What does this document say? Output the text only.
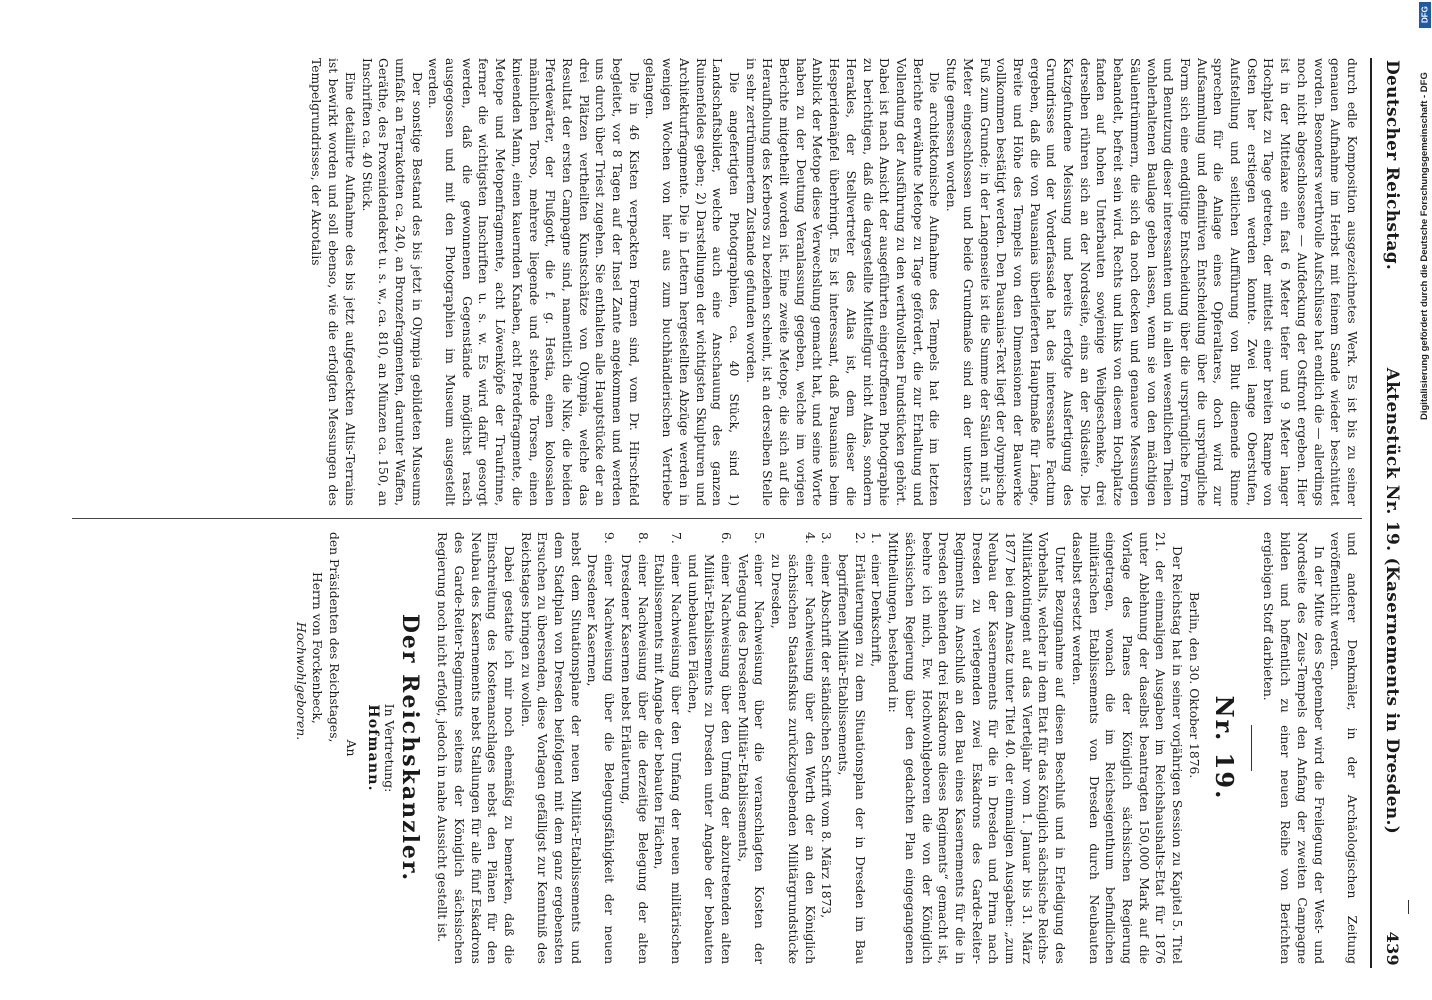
Deutscher Reichstag.
Aktenstück Nr. 19. (Kasernements in Dresden.)
439

durch edle Komposition ausgezeichnetes Werk. Es ist bis zu seiner genauen Aufnahme im Herbst mit feinem Sande wieder beschüttet worden. Besonders werthvolle Aufschlüsse hat endlich die — allerdings noch nicht abgeschlossene — Aufdeckung der Ostfront ergeben. Hier ist in der Mittelaxe ein fast 6 Meter tiefer und 9 Meter langer Hochplatz zu Tage getreten, der mittelst einer breiten Rampe von Osten her erstiegen werden konnte. Zwei lange Oberstufen, Aufstellung und seitlichen Aufführung von Blut dienende Rinne sprechen für die Anlage eines Opferaltares, doch wird zur Aufsammlung und definitiven Entscheidung über die ursprüngliche Form sich eine endgültige Entscheidung über die ursprüngliche Form und Benutzung dieser interessanten und in allen wesentlichen Theilen wohlerhaltenen Baulage geben lassen, wenn sie von den mächtigen Säulentrümmern, die sich da noch decken und genauere Messungen behandelt, befreit sein wird. Rechts und links von diesem Hochplatze fanden auf hohen Unterbauten sowjenige Weihgeschenke, drei derselben rühren sich an der Nordseite, eins an der Südseite. Die Katzgefundene Meissung und bereits erfolgte Ausfertigung des Grundrisses und der Vorderfassade hat des interessante Factum ergeben, daß die von Pausanias überlieferten Hauptmaße für Länge, Breite und Höhe des Tempels von den Dimensionen der Bauwerke vollkommen bestätigt werden. Den Pausanias-Text liegt der olympische Fuß zum Grunde; in der Langenseite ist die Summe der Säulen mit 5,3 Meter eingeschlossen und beide Grundmaße sind an der untersten Stufe gemessen worden.

Die architektonische Aufnahme des Tempels hat die im letzten Berichte erwähnte Metope zu Tage gefördert, die zur Erhaltung und Vollendung der Ausführung zu den werthvollsten Fundstücken gehört. Dabei ist nach Ansicht der ausgeführten eingetroffenen Photographie zu berichtigen, daß die dargestellte Mittelfigur nicht Atlas, sondern Herakles, der Stellvertreter des Atlas ist, dem dieser die Hesperidenäpfel überbringt. Es ist interessant, daß Pausanias beim Anblick der Metope diese Verwechslung gemacht hat, und seine Worte haben zu der Deutung Veranlassung gegeben, welche im vorigen Berichte mitgetheilt worden ist. Eine zweite Metope, die sich auf die Heraufholung des Kerberos zu beziehen scheint, ist an derselben Stelle in sehr zertrümmertem Zustande gefunden worden.

Die angefertigten Photographien, ca. 40 Stück, sind 1) Landschaftsbilder, welche auch eine Anschauung des ganzen Ruinenfeldes geben; 2) Darstellungen der wichtigsten Skulpturen und Architekturfragmente. Die in Lettern hergestellten Abzüge werden in wenigen Wochen von hier aus zum buchhändlerischen Vertriebe gelangen.

Die in 46 Kisten verpackten Formen sind, vom Dr. Hirschfeld begleitet, vor 8 Tagen auf der Insel Zante angekommen und werden uns durch über Triest zugehen. Sie enthalten alle Hauptstücke der an drei Plätzen vertheilten Kunstschätze von Olympia, welche das Resultat der ersten Campagne sind, namentlich die Nike, die beiden Pferdewärter, der Flußgott, die f. g. Hestia, einen kolossalen männlichen Torso, mehrere liegende und stehende Torsen, einen knieenden Mann, einen kauernden Knaben, acht Pferdefragmente, die Metope und Metopenfragmente, acht Löwenköpfe der Traufrinne, ferner die wichtigsten Inschriften u. s. w. Es wird dafür gesorgt werden, daß die gewonnenen Gegenstände möglichst rasch ausgegossen und mit den Photographien im Museum ausgestellt werden.

Der sonstige Bestand des bis jetzt in Olympia gebildeten Museums umfaßt an Terrakotten ca. 240, an Bronzefragmenten, darunter Waffen, Geräthe, des Proxenidendekret u. s. w., ca. 810, an Münzen ca. 150, an Inschriften ca. 40 Stück.

Eine detaillirte Aufnahme des bis jetzt aufgedeckten Altis-Terrains ist bewirkt worden und soll ebenso, wie die erfolgten Messungen des Tempelgrundrisses, der Akrotalis

und anderer Denkmäler, in der Archäologischen Zeitung veröffentlicht werden.

In der Mitte des September wird die Freilegung der West- und Nordseite des Zeus-Tempels den Anfang der zweiten Campagne bilden und hoffentlich zu einer neuen Reihe von Berichten ergiebigen Stoff darbieten.

Nr. 19.

Berlin, den 30. Oktober 1876.

Der Reichstag hat in seiner vorjährigen Session zu Kapitel 5. Titel 21. der einmaligen Ausgaben im Reichshaushalts-Etat für 1876 unter Ablehnung der daselbst beantragten 150,000 Mark auf die Vorlage des Planes der Königlich sächsischen Regierung eingetragen, wonach die im Reichseigenthum befindlichen militärischen Etablissements von Dresden durch Neubauten daselbst ersetzt werden.

Unter Bezugnahme auf diesen Beschluß und in Erledigung des Vorbehalts, welcher in dem Etat für das Königlich sächsische Reichs-Militärkontingent auf das Vierteljahr vom 1. Januar bis 31. März 1877 bei dem Ansatz unter Titel 40. der einmaligen Ausgaben: „zum Neubau der Kasernements für die in Dresden und Pirna nach Dresden zu verlegenden zwei Eskadrons des Garde-Reiter-Regiments im Anschluß an den Bau eines Kasernements für die in Dresden stehenden drei Eskadrons dieses Regiments“ gemacht ist, beehre ich mich, Ew. Hochwohlgeboren die von der Königlich sächsischen Regierung über den gedachten Plan eingegangenen Mittheilungen, bestehend in:

1.
einer Denkschrift,
2.
Erläuterungen zu dem Situationsplan der in Dresden im Bau begriffenen Militär-Etablissements,
3.
einer Abschrift der ständischen Schrift vom 8. März 1873,
4.
einer Nachweisung über den Werth der an den Königlich sächsischen Staatsfiskus zurückzugebenden Militärgrundstücke zu Dresden,
5.
einer Nachweisung über die veranschlagten Kosten der Verlegung des Dresdener Militär-Etablissements,
6.
einer Nachweisung über den Umfang der abzutretenden alten Militär-Etablissements zu Dresden unter Angabe der bebauten und unbebauten Flächen,
7.
einer Nachweisung über den Umfang der neuen militärischen Etablissements mit Angabe der bebauten Flächen,
8.
einer Nachweisung über die derzeitige Belegung der alten Dresdener Kasernen nebst Erläuterung,
9.
einer Nachweisung über die Belegungsfähigkeit der neuen Dresdener Kasernen,

nebst dem Situationsplane der neuen Militär-Etablissements und dem Stadtplan von Dresden beifolgend mit dem ganz ergebensten Ersuchen zu übersenden, diese Vorlagen gefälligst zur Kenntniß des Reichstages bringen zu wollen.

Dabei gestatte ich mir noch ehemäßig zu bemerken, daß die Einschreitung des Kostenanschlages nebst den Plänen für den Neubau des Kasernements nebst Stallungen für alle fünf Eskadrons des Garde-Reiter-Regiments seitens der Königlich sächsischen Regierung noch nicht erfolgt, jedoch in nahe Aussicht gestellt ist.

Der Reichskanzler.
In Vertretung:
Hofmann.
An
den Präsidenten des Reichstages,
Herrn von Forckenbeck,
Hochwohlgeboren.
DFG
Digitalisierung gefördert durch die Deutsche Forschungsgemeinschaft - DFG
